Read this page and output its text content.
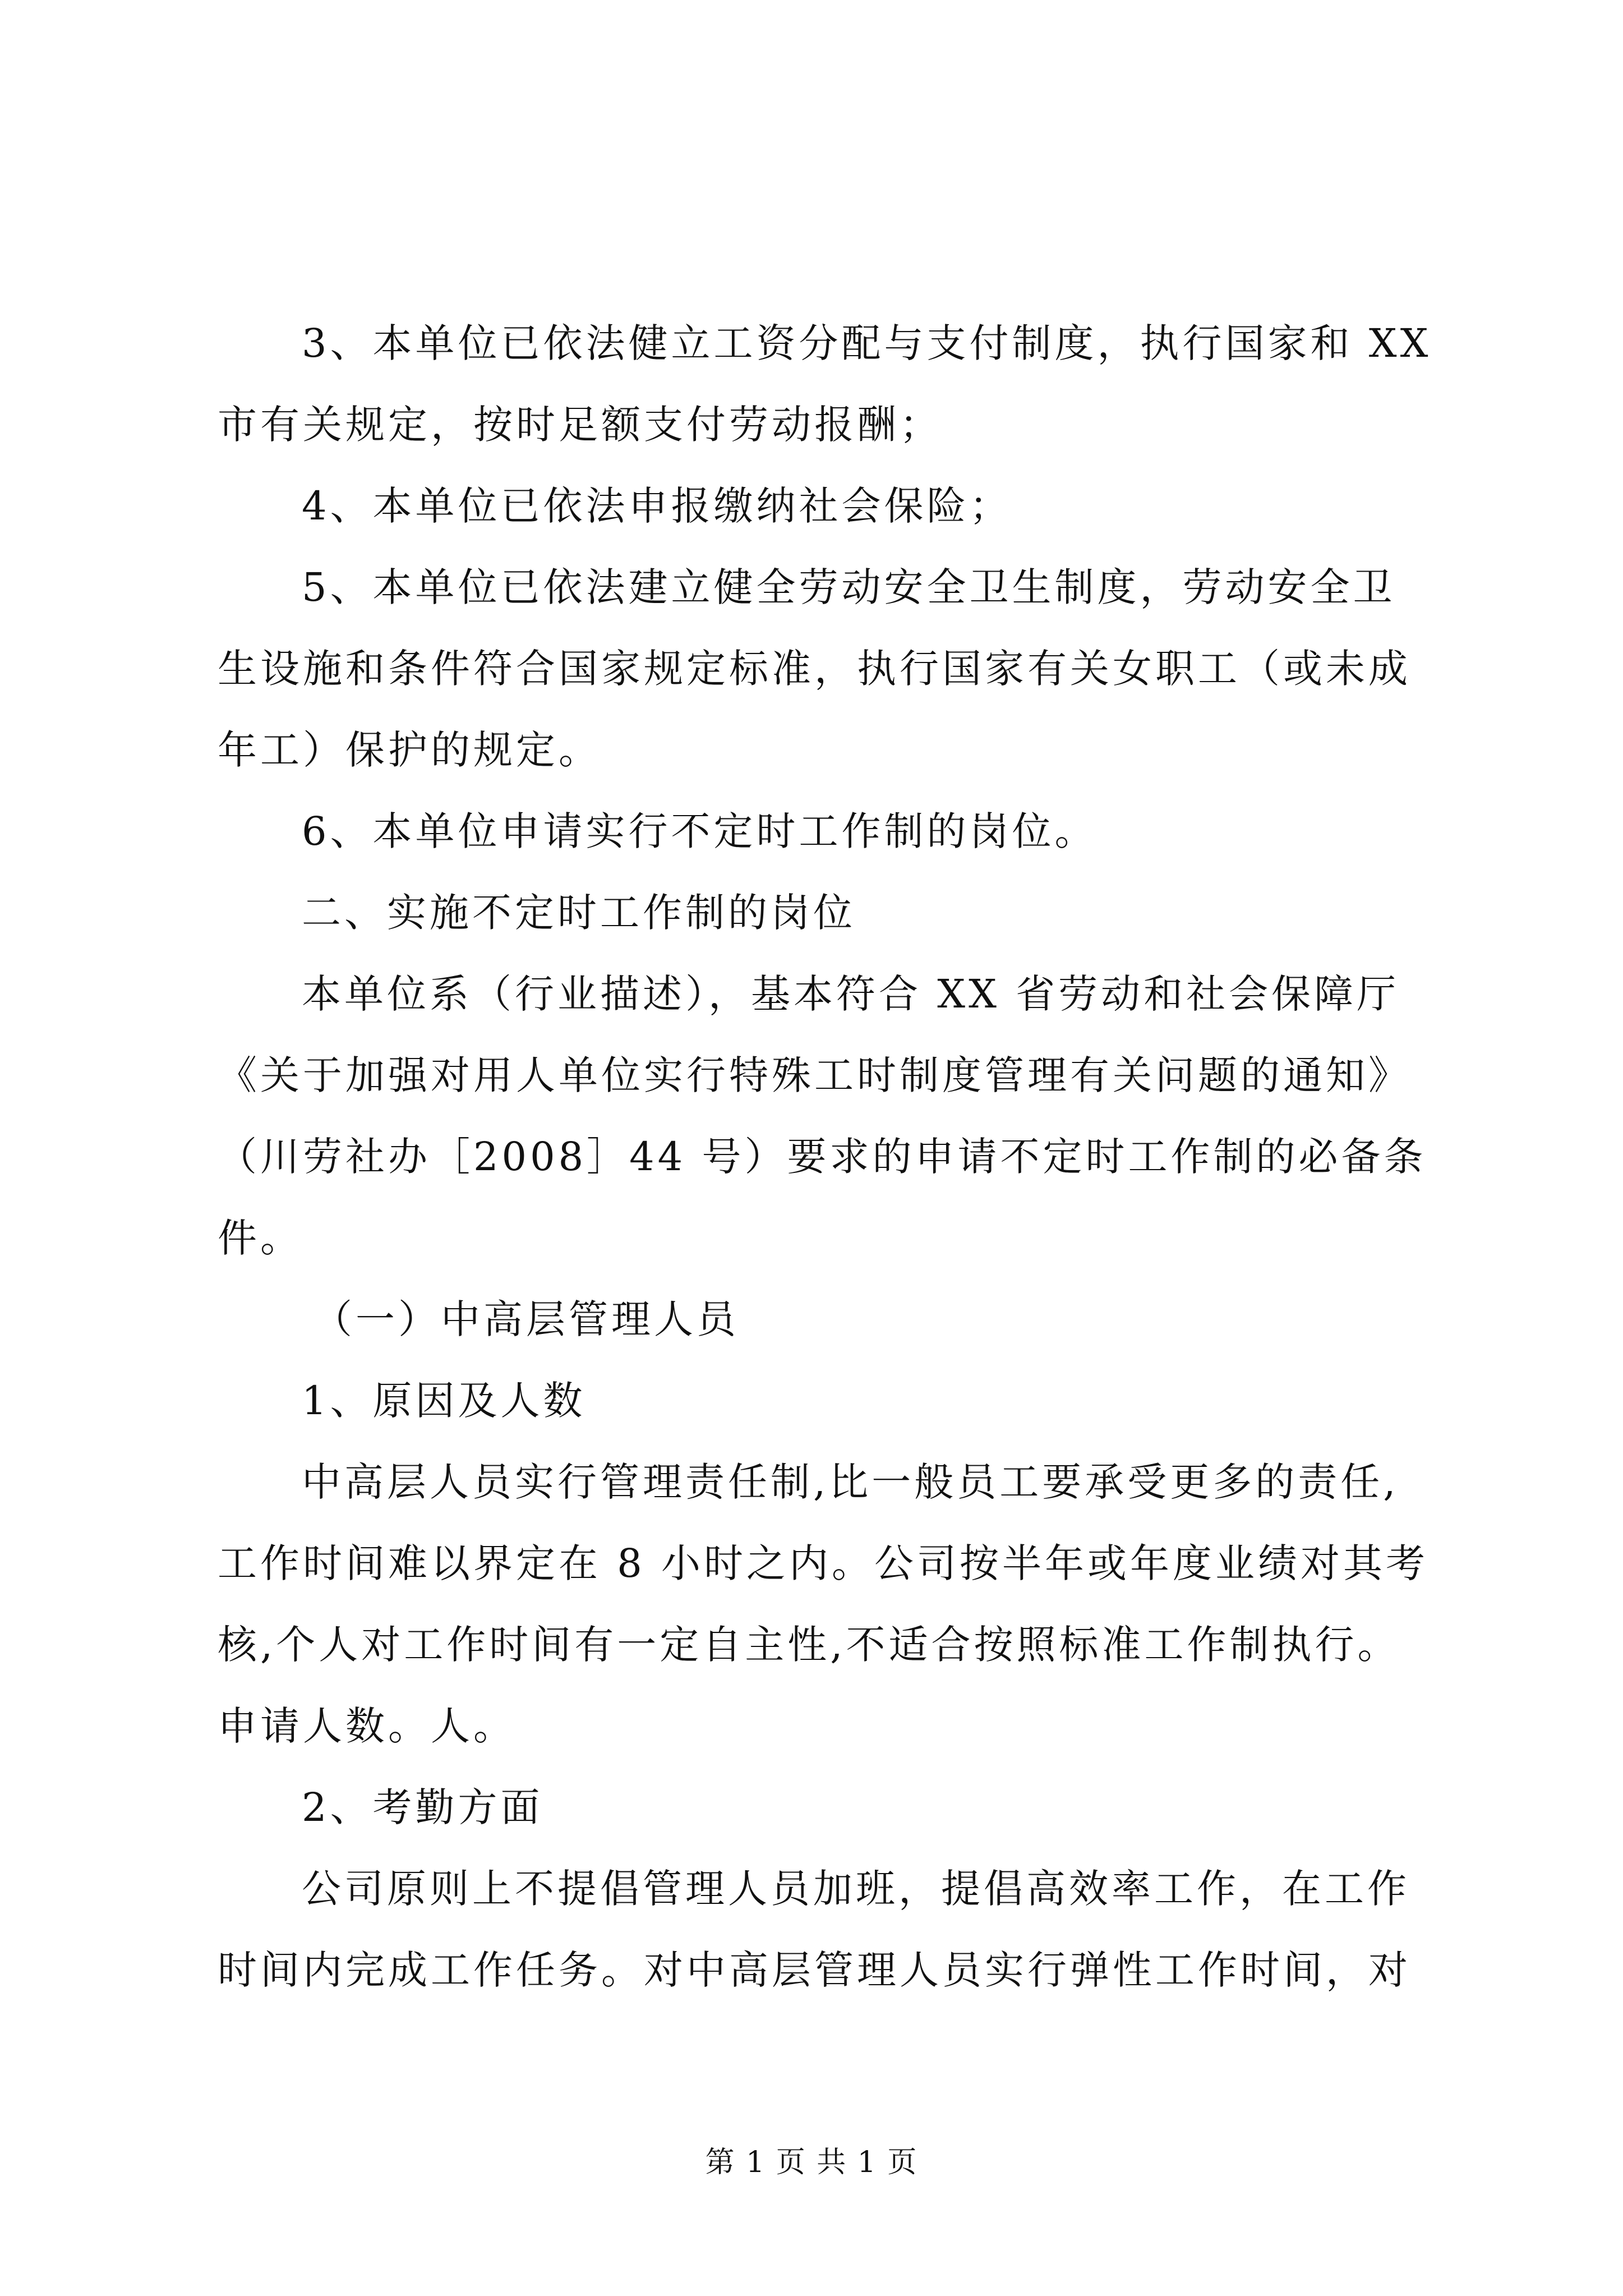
3、本单位已依法健立工资分配与支付制度，执行国家和 XX
市有关规定，按时足额支付劳动报酬；
4、本单位已依法申报缴纳社会保险；
5、本单位已依法建立健全劳动安全卫生制度，劳动安全卫
生设施和条件符合国家规定标准，执行国家有关女职工（或未成
年工）保护的规定。
6、本单位申请实行不定时工作制的岗位。
二、实施不定时工作制的岗位
本单位系（行业描述），基本符合 XX 省劳动和社会保障厅
《关于加强对用人单位实行特殊工时制度管理有关问题的通知》
（川劳社办［2008］44 号）要求的申请不定时工作制的必备条
件。
（一）中高层管理人员
1、原因及人数
中高层人员实行管理责任制,比一般员工要承受更多的责任,
工作时间难以界定在 8 小时之内。公司按半年或年度业绩对其考
核,个人对工作时间有一定自主性,不适合按照标准工作制执行。
申请人数。人。
2、考勤方面
公司原则上不提倡管理人员加班，提倡高效率工作，在工作
时间内完成工作任务。对中高层管理人员实行弹性工作时间，对
第 1 页 共 1 页
